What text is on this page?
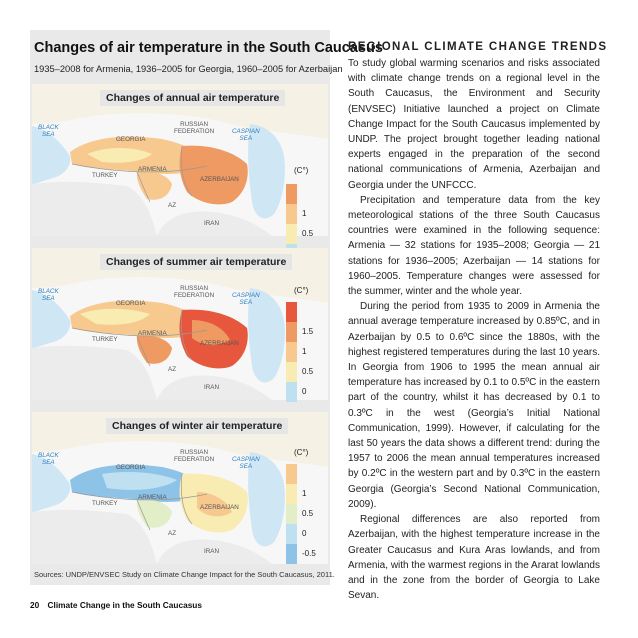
Changes of air temperature in the South Caucasus
1935–2008 for Armenia, 1936–2005 for Georgia, 1960–2005 for Azerbaijan
Changes of annual air temperature
BLACK
SEA
RUSSIAN
FEDERATION	CASPIAN
SEA
GEORGIA
TURKEY
ARMENIA
AZERBAIJAN
AZ
IRAN
(C°)
1
0.5
Changes of summer air temperature
BLACK
SEA
RUSSIAN
FEDERATION	CASPIAN
SEA
GEORGIA
TURKEY
ARMENIA
AZERBAIJAN
AZ
IRAN
(C°)
1.5
1
0.5
0
Changes of winter air temperature
BLACK
SEA
RUSSIAN
FEDERATION	CASPIAN
SEA
GEORGIA
TURKEY
ARMENIA
AZERBAIJAN
AZ
IRAN
(C°)
1
0.5
0
-0.5
Sources: UNDP/ENVSEC Study on Climate Change Impact for the South Caucasus, 2011.
REGIONAL CLIMATE CHANGE TRENDS

To study global warming scenarios and risks associated with climate change trends on a regional level in the South Caucasus, the Environment and Security (ENVSEC) Initiative launched a project on Climate Change Impact for the South Caucasus implemented by UNDP. The project brought together leading national experts engaged in the preparation of the second national communications of Armenia, Azerbaijan and Georgia under the UNFCCC.

Precipitation and temperature data from the key meteorological stations of the three South Caucasus countries were examined in the following sequence: Armenia — 32 stations for 1935–2008; Georgia — 21 stations for 1936–2005; Azerbaijan — 14 stations for 1960–2005. Temperature changes were assessed for the summer, winter and the whole year.

During the period from 1935 to 2009 in Armenia the annual average temperature increased by 0.85ºC, and in Azerbaijan by 0.5 to 0.6ºC since the 1880s, with the highest registered temperatures during the last 10 years. In Georgia from 1906 to 1995 the mean annual air temperature has increased by 0.1 to 0.5ºC in the eastern part of the country, whilst it has decreased by 0.1 to 0.3ºC in the west (Georgia’s Initial National Communication, 1999). However, if calculating for the last 50 years the data shows a different trend: during the 1957 to 2006 the mean annual temperatures increased by 0.2ºC in the western part and by 0.3ºC in the eastern Georgia (Georgia’s Second National Communication, 2009).

Regional differences are also reported from Azerbaijan, with the highest temperature increase in the Greater Caucasus and Kura Aras lowlands, and from Armenia, with the warmest regions in the Ararat lowlands and in the zone from the border of Georgia to Lake Sevan.

20 Climate Change in the South Caucasus
